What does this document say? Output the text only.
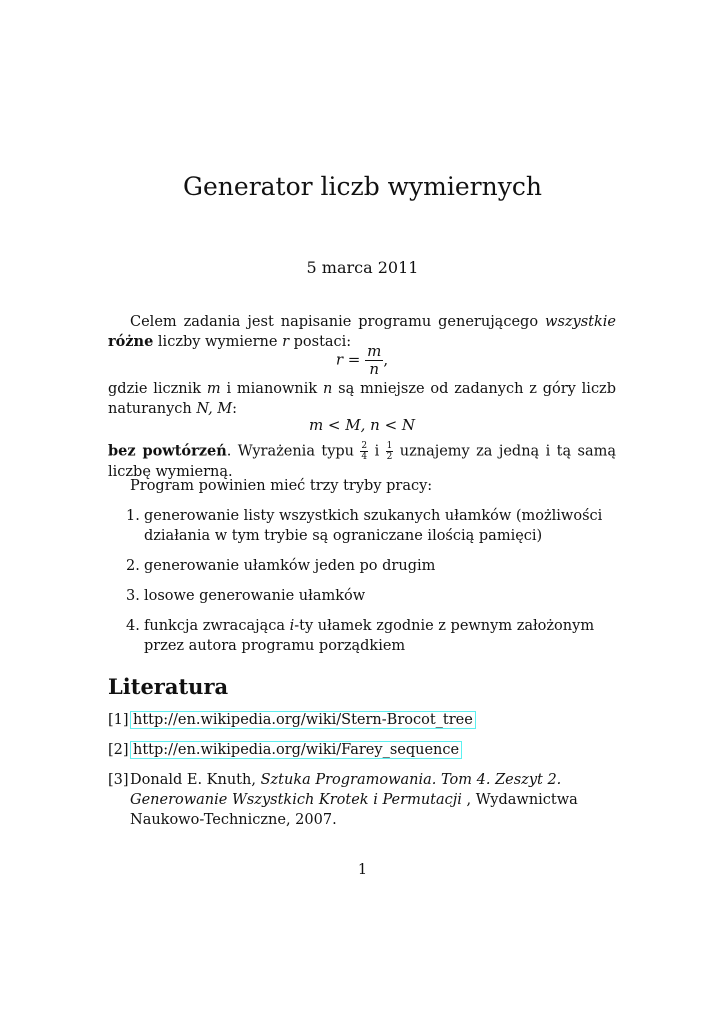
Generator liczb wymiernych
5 marca 2011

Celem zadania jest napisanie programu generującego wszystkie różne liczby wymierne r postaci:

$r = \frac{m}{n}$ ,

gdzie licznik m i mianownik n są mniejsze od zadanych z góry liczb naturanych N, M:

m < M, n < N

bez powtórzeń. Wyrażenia typu $\frac{2}{4}$ i $\frac{1}{2}$ uznajemy za jedną i tą samą liczbę wymierną.

Program powinien mieć trzy tryby pracy:

1. generowanie listy wszystkich szukanych ułamków (możliwości działania w tym trybie są ograniczane ilością pamięci)
2. generowanie ułamków jeden po drugim
3. losowe generowanie ułamków
4. funkcja zwracająca i-ty ułamek zgodnie z pewnym założonym przez autora programu porządkiem
Literatura
[1] http://en.wikipedia.org/wiki/Stern-Brocot_tree
[2] http://en.wikipedia.org/wiki/Farey_sequence
[3] Donald E. Knuth, Sztuka Programowania. Tom 4. Zeszyt 2. Generowanie Wszystkich Krotek i Permutacji , Wydawnictwa Naukowo-Techniczne, 2007.
1
